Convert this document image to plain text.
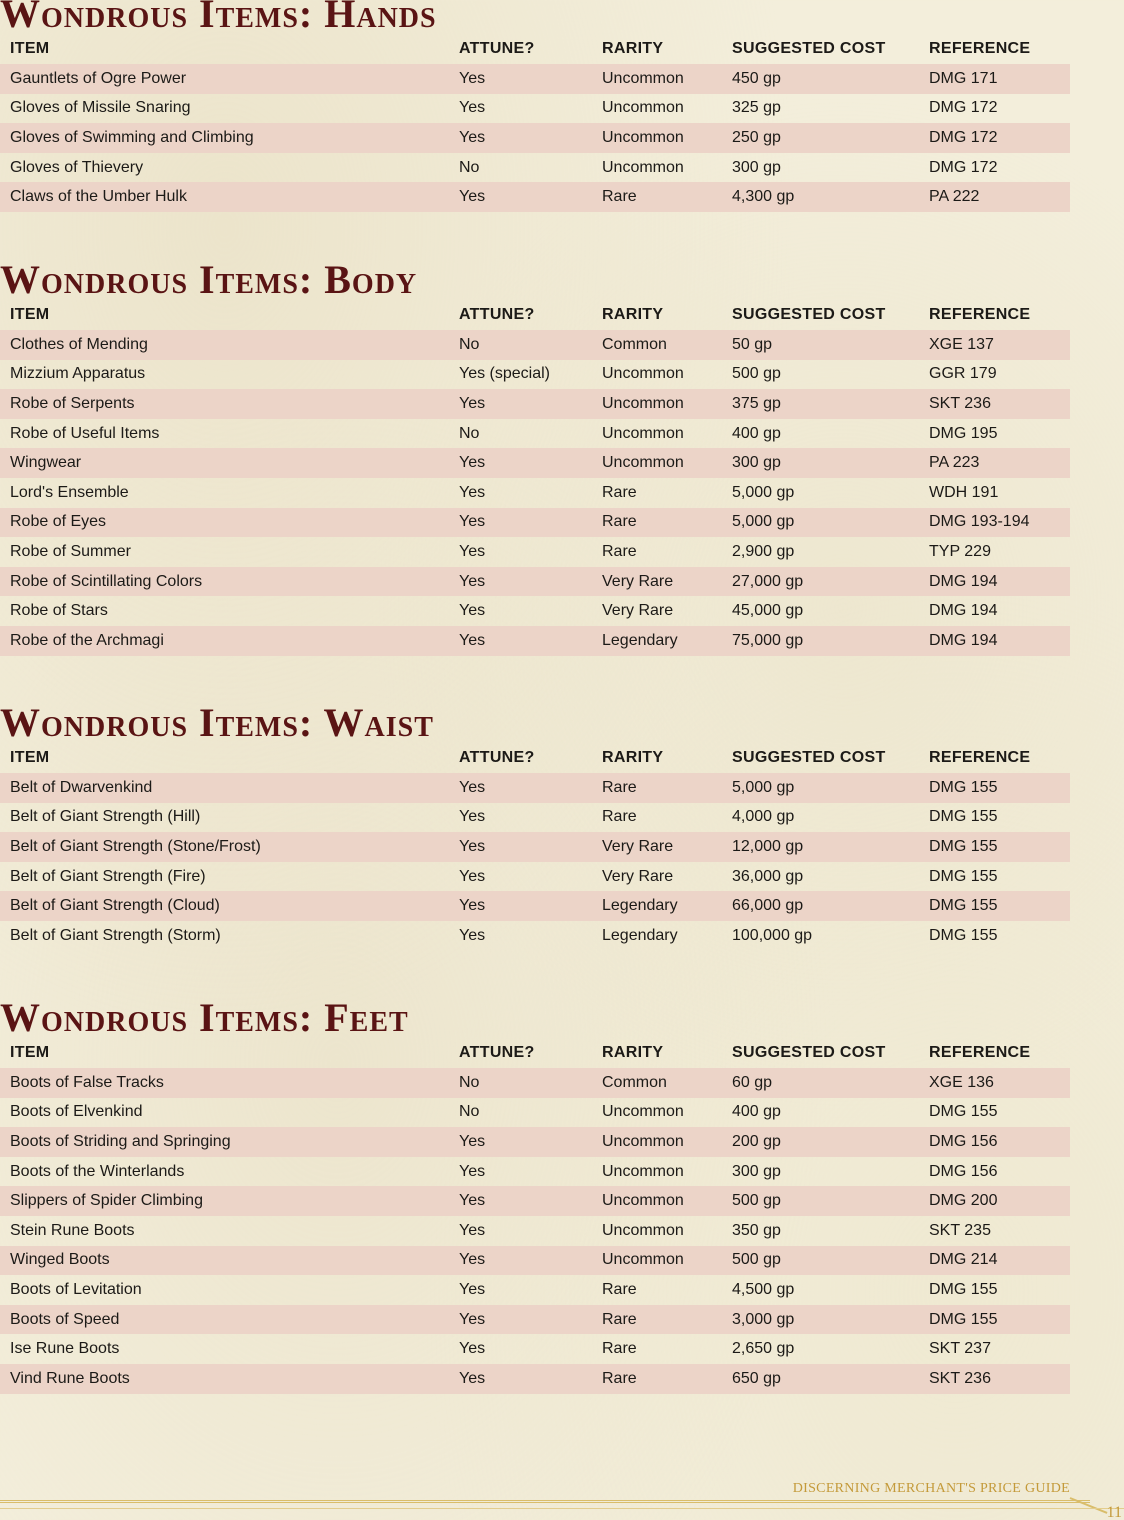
Wondrous Items: Hands
ITEM	ATTUNE?	RARITY	SUGGESTED COST	REFERENCE
Gauntlets of Ogre Power	Yes	Uncommon	450 gp	DMG 171
Gloves of Missile Snaring	Yes	Uncommon	325 gp	DMG 172
Gloves of Swimming and Climbing	Yes	Uncommon	250 gp	DMG 172
Gloves of Thievery	No	Uncommon	300 gp	DMG 172
Claws of the Umber Hulk	Yes	Rare	4,300 gp	PA 222
Wondrous Items: Body
ITEM	ATTUNE?	RARITY	SUGGESTED COST	REFERENCE
Clothes of Mending	No	Common	50 gp	XGE 137
Mizzium Apparatus	Yes (special)	Uncommon	500 gp	GGR 179
Robe of Serpents	Yes	Uncommon	375 gp	SKT 236
Robe of Useful Items	No	Uncommon	400 gp	DMG 195
Wingwear	Yes	Uncommon	300 gp	PA 223
Lord's Ensemble	Yes	Rare	5,000 gp	WDH 191
Robe of Eyes	Yes	Rare	5,000 gp	DMG 193-194
Robe of Summer	Yes	Rare	2,900 gp	TYP 229
Robe of Scintillating Colors	Yes	Very Rare	27,000 gp	DMG 194
Robe of Stars	Yes	Very Rare	45,000 gp	DMG 194
Robe of the Archmagi	Yes	Legendary	75,000 gp	DMG 194
Wondrous Items: Waist
ITEM	ATTUNE?	RARITY	SUGGESTED COST	REFERENCE
Belt of Dwarvenkind	Yes	Rare	5,000 gp	DMG 155
Belt of Giant Strength (Hill)	Yes	Rare	4,000 gp	DMG 155
Belt of Giant Strength (Stone/Frost)	Yes	Very Rare	12,000 gp	DMG 155
Belt of Giant Strength (Fire)	Yes	Very Rare	36,000 gp	DMG 155
Belt of Giant Strength (Cloud)	Yes	Legendary	66,000 gp	DMG 155
Belt of Giant Strength (Storm)	Yes	Legendary	100,000 gp	DMG 155
Wondrous Items: Feet
ITEM	ATTUNE?	RARITY	SUGGESTED COST	REFERENCE
Boots of False Tracks	No	Common	60 gp	XGE 136
Boots of Elvenkind	No	Uncommon	400 gp	DMG 155
Boots of Striding and Springing	Yes	Uncommon	200 gp	DMG 156
Boots of the Winterlands	Yes	Uncommon	300 gp	DMG 156
Slippers of Spider Climbing	Yes	Uncommon	500 gp	DMG 200
Stein Rune Boots	Yes	Uncommon	350 gp	SKT 235
Winged Boots	Yes	Uncommon	500 gp	DMG 214
Boots of Levitation	Yes	Rare	4,500 gp	DMG 155
Boots of Speed	Yes	Rare	3,000 gp	DMG 155
Ise Rune Boots	Yes	Rare	2,650 gp	SKT 237
Vind Rune Boots	Yes	Rare	650 gp	SKT 236
DISCERNING MERCHANT'S PRICE GUIDE
11
